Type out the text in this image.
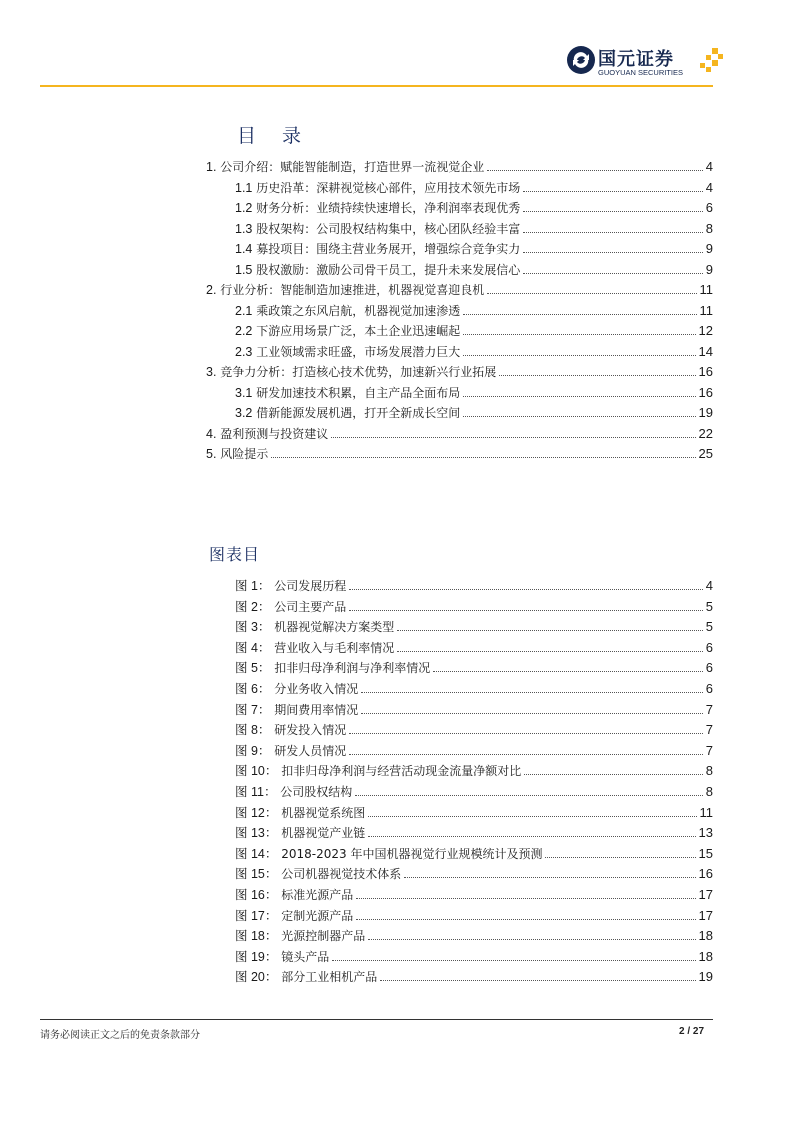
国元证券
GUOYUAN SECURITIES
目 录
1. 公司介绍：赋能智能制造，打造世界一流视觉企业	4
1.1 历史沿革：深耕视觉核心部件，应用技术领先市场	4
1.2 财务分析：业绩持续快速增长，净利润率表现优秀	6
1.3 股权架构：公司股权结构集中，核心团队经验丰富	8
1.4 募投项目：围绕主营业务展开，增强综合竞争实力	9
1.5 股权激励：激励公司骨干员工，提升未来发展信心	9
2. 行业分析：智能制造加速推进，机器视觉喜迎良机	11
2.1 乘政策之东风启航，机器视觉加速渗透	11
2.2 下游应用场景广泛，本土企业迅速崛起	12
2.3 工业领域需求旺盛，市场发展潜力巨大	14
3. 竞争力分析：打造核心技术优势，加速新兴行业拓展	16
3.1 研发加速技术积累，自主产品全面布局	16
3.2 借新能源发展机遇，打开全新成长空间	19
4. 盈利预测与投资建议	22
5. 风险提示	25
图表目
图 1： 公司发展历程	4
图 2： 公司主要产品	5
图 3： 机器视觉解决方案类型	5
图 4： 营业收入与毛利率情况	6
图 5： 扣非归母净利润与净利率情况	6
图 6： 分业务收入情况	6
图 7： 期间费用率情况	7
图 8： 研发投入情况	7
图 9： 研发人员情况	7
图 10： 扣非归母净利润与经营活动现金流量净额对比	8
图 11： 公司股权结构	8
图 12： 机器视觉系统图	11
图 13： 机器视觉产业链	13
图 14： 2018-2023 年中国机器视觉行业规模统计及预测	15
图 15： 公司机器视觉技术体系	16
图 16： 标准光源产品	17
图 17： 定制光源产品	17
图 18： 光源控制器产品	18
图 19： 镜头产品	18
图 20： 部分工业相机产品	19
请务必阅读正文之后的免责条款部分	2 / 27
